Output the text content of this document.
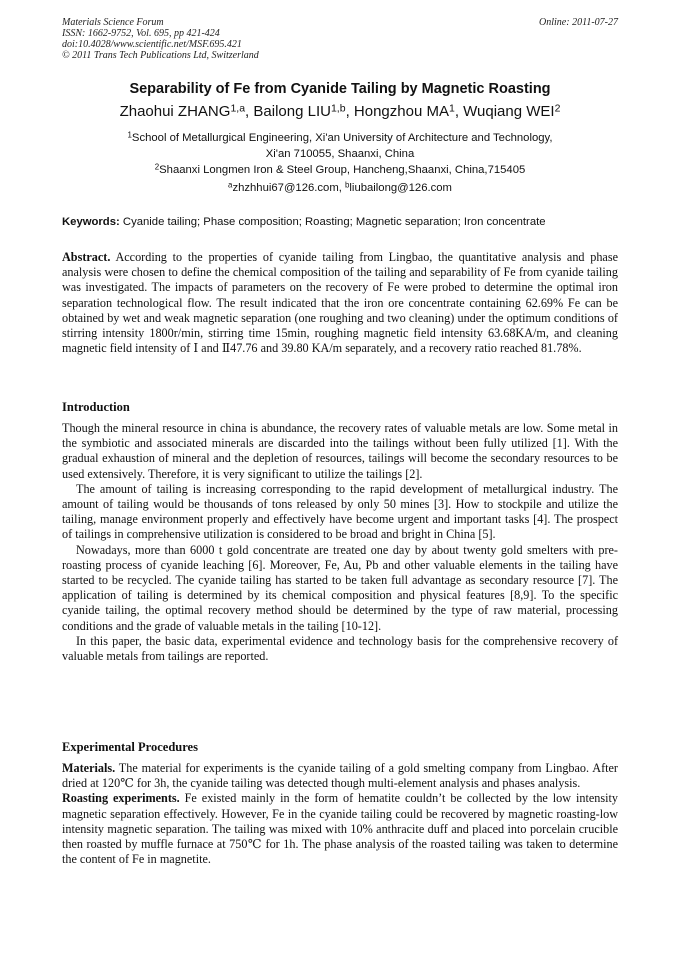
Materials Science Forum
ISSN: 1662-9752, Vol. 695, pp 421-424
doi:10.4028/www.scientific.net/MSF.695.421
© 2011 Trans Tech Publications Ltd, Switzerland
Online: 2011-07-27
Separability of Fe from Cyanide Tailing by Magnetic Roasting
Zhaohui ZHANG$^{1,a}$, Bailong LIU$^{1,b}$, Hongzhou $MA^1$, Wuqiang WEI$^2$
$^1$School of Metallurgical Engineering, Xi'an University of Architecture and Technology,
Xi'an 710055, Shaanxi, China
$^2$Shaanxi Longmen Iron & Steel Group, Hancheng,Shaanxi, China,715405
$^a$zhzhhui67@126.com, $^b$liubailong@126.com
Keywords: Cyanide tailing; Phase composition; Roasting; Magnetic separation; Iron concentrate

Abstract. According to the properties of cyanide tailing from Lingbao, the quantitative analysis and phase analysis were chosen to define the chemical composition of the tailing and separability of Fe from cyanide tailing was investigated. The impacts of parameters on the recovery of Fe were probed to determine the optimal iron separation technological flow. The result indicated that the iron ore concentrate containing 62.69% Fe can be obtained by wet and weak magnetic separation (one roughing and two cleaning) under the optimum conditions of stirring intensity 1800r/min, stirring time 15min, roughing magnetic field intensity 63.68KA/m, and cleaning magnetic field intensity of Ⅰ and Ⅱ47.76 and 39.80 KA/m separately, and a recovery ratio reached 81.78%.

Introduction

Though the mineral resource in china is abundance, the recovery rates of valuable metals are low. Some metal in the symbiotic and associated minerals are discarded into the tailings without been fully utilized [1]. With the gradual exhaustion of mineral and the depletion of resources, tailings will become the secondary resources to be used extensively. Therefore, it is very significant to utilize the tailings [2].

The amount of tailing is increasing corresponding to the rapid development of metallurgical industry. The amount of tailing would be thousands of tons released by only 50 mines [3]. How to stockpile and utilize the tailing, manage environment properly and effectively have become urgent and important tasks [4]. The prospect of tailings in comprehensive utilization is considered to be broad and bright in China [5].

Nowadays, more than 6000 t gold concentrate are treated one day by about twenty gold smelters with pre-roasting process of cyanide leaching [6]. Moreover, Fe, Au, Pb and other valuable elements in the tailing have started to be recycled. The cyanide tailing has started to be taken full advantage as secondary resource [7]. The application of tailing is determined by its chemical composition and physical features [8,9]. To the specific cyanide tailing, the optimal recovery method should be determined by the type of raw material, processing conditions and the grade of valuable metals in the tailing [10-12].

In this paper, the basic data, experimental evidence and technology basis for the comprehensive recovery of valuable metals from tailings are reported.

Experimental Procedures

Materials. The material for experiments is the cyanide tailing of a gold smelting company from Lingbao. After dried at 120℃ for 3h, the cyanide tailing was detected though multi-element analysis and phases analysis.

Roasting experiments. Fe existed mainly in the form of hematite couldn’t be collected by the low intensity magnetic separation effectively. However, Fe in the cyanide tailing could be recovered by magnetic roasting-low intensity magnetic separation. The tailing was mixed with 10% anthracite duff and placed into porcelain crucible then roasted by muffle furnace at 750℃ for 1h. The phase analysis of the roasted tailing was taken to determine the content of Fe in magnetite.
